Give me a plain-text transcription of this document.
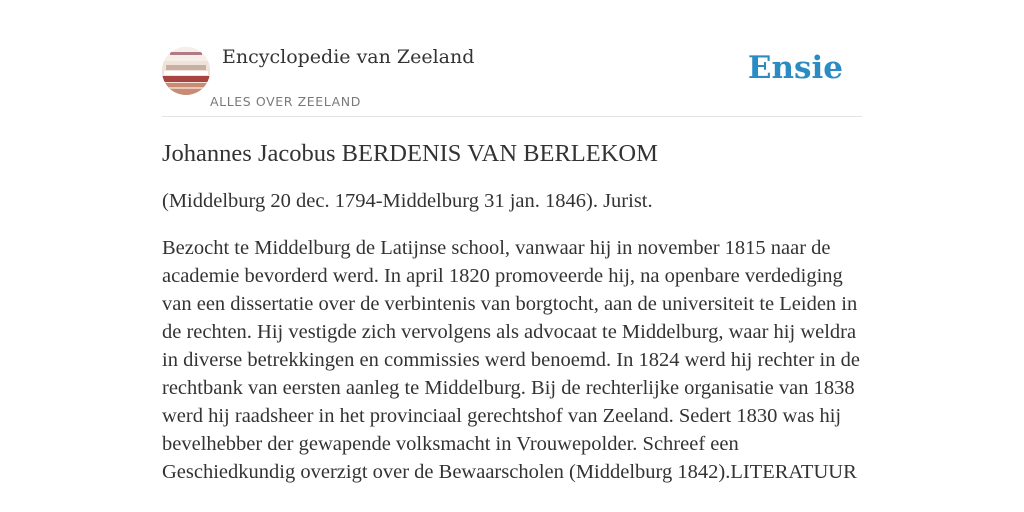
Encyclopedie van Zeeland
ALLES OVER ZEELAND
Ensie
Johannes Jacobus BERDENIS VAN BERLEKOM

(Middelburg 20 dec. 1794-Middelburg 31 jan. 1846). Jurist.

Bezocht te Middelburg de Latijnse school, vanwaar hij in november 1815 naar de academie bevorderd werd. In april 1820 promoveerde hij, na openbare verdediging van een dissertatie over de verbintenis van borgtocht, aan de universiteit te Leiden in de rechten. Hij vestigde zich vervolgens als advocaat te Middelburg, waar hij weldra in diverse betrekkingen en commissies werd benoemd. In 1824 werd hij rechter in de rechtbank van eersten aanleg te Middelburg. Bij de rechterlijke organisatie van 1838 werd hij raadsheer in het provinciaal gerechtshof van Zeeland. Sedert 1830 was hij bevelhebber der gewapende volksmacht in Vrouwepolder. Schreef een Geschiedkundig overzigt over de Bewaarscholen (Middelburg 1842).LITERATUUR
